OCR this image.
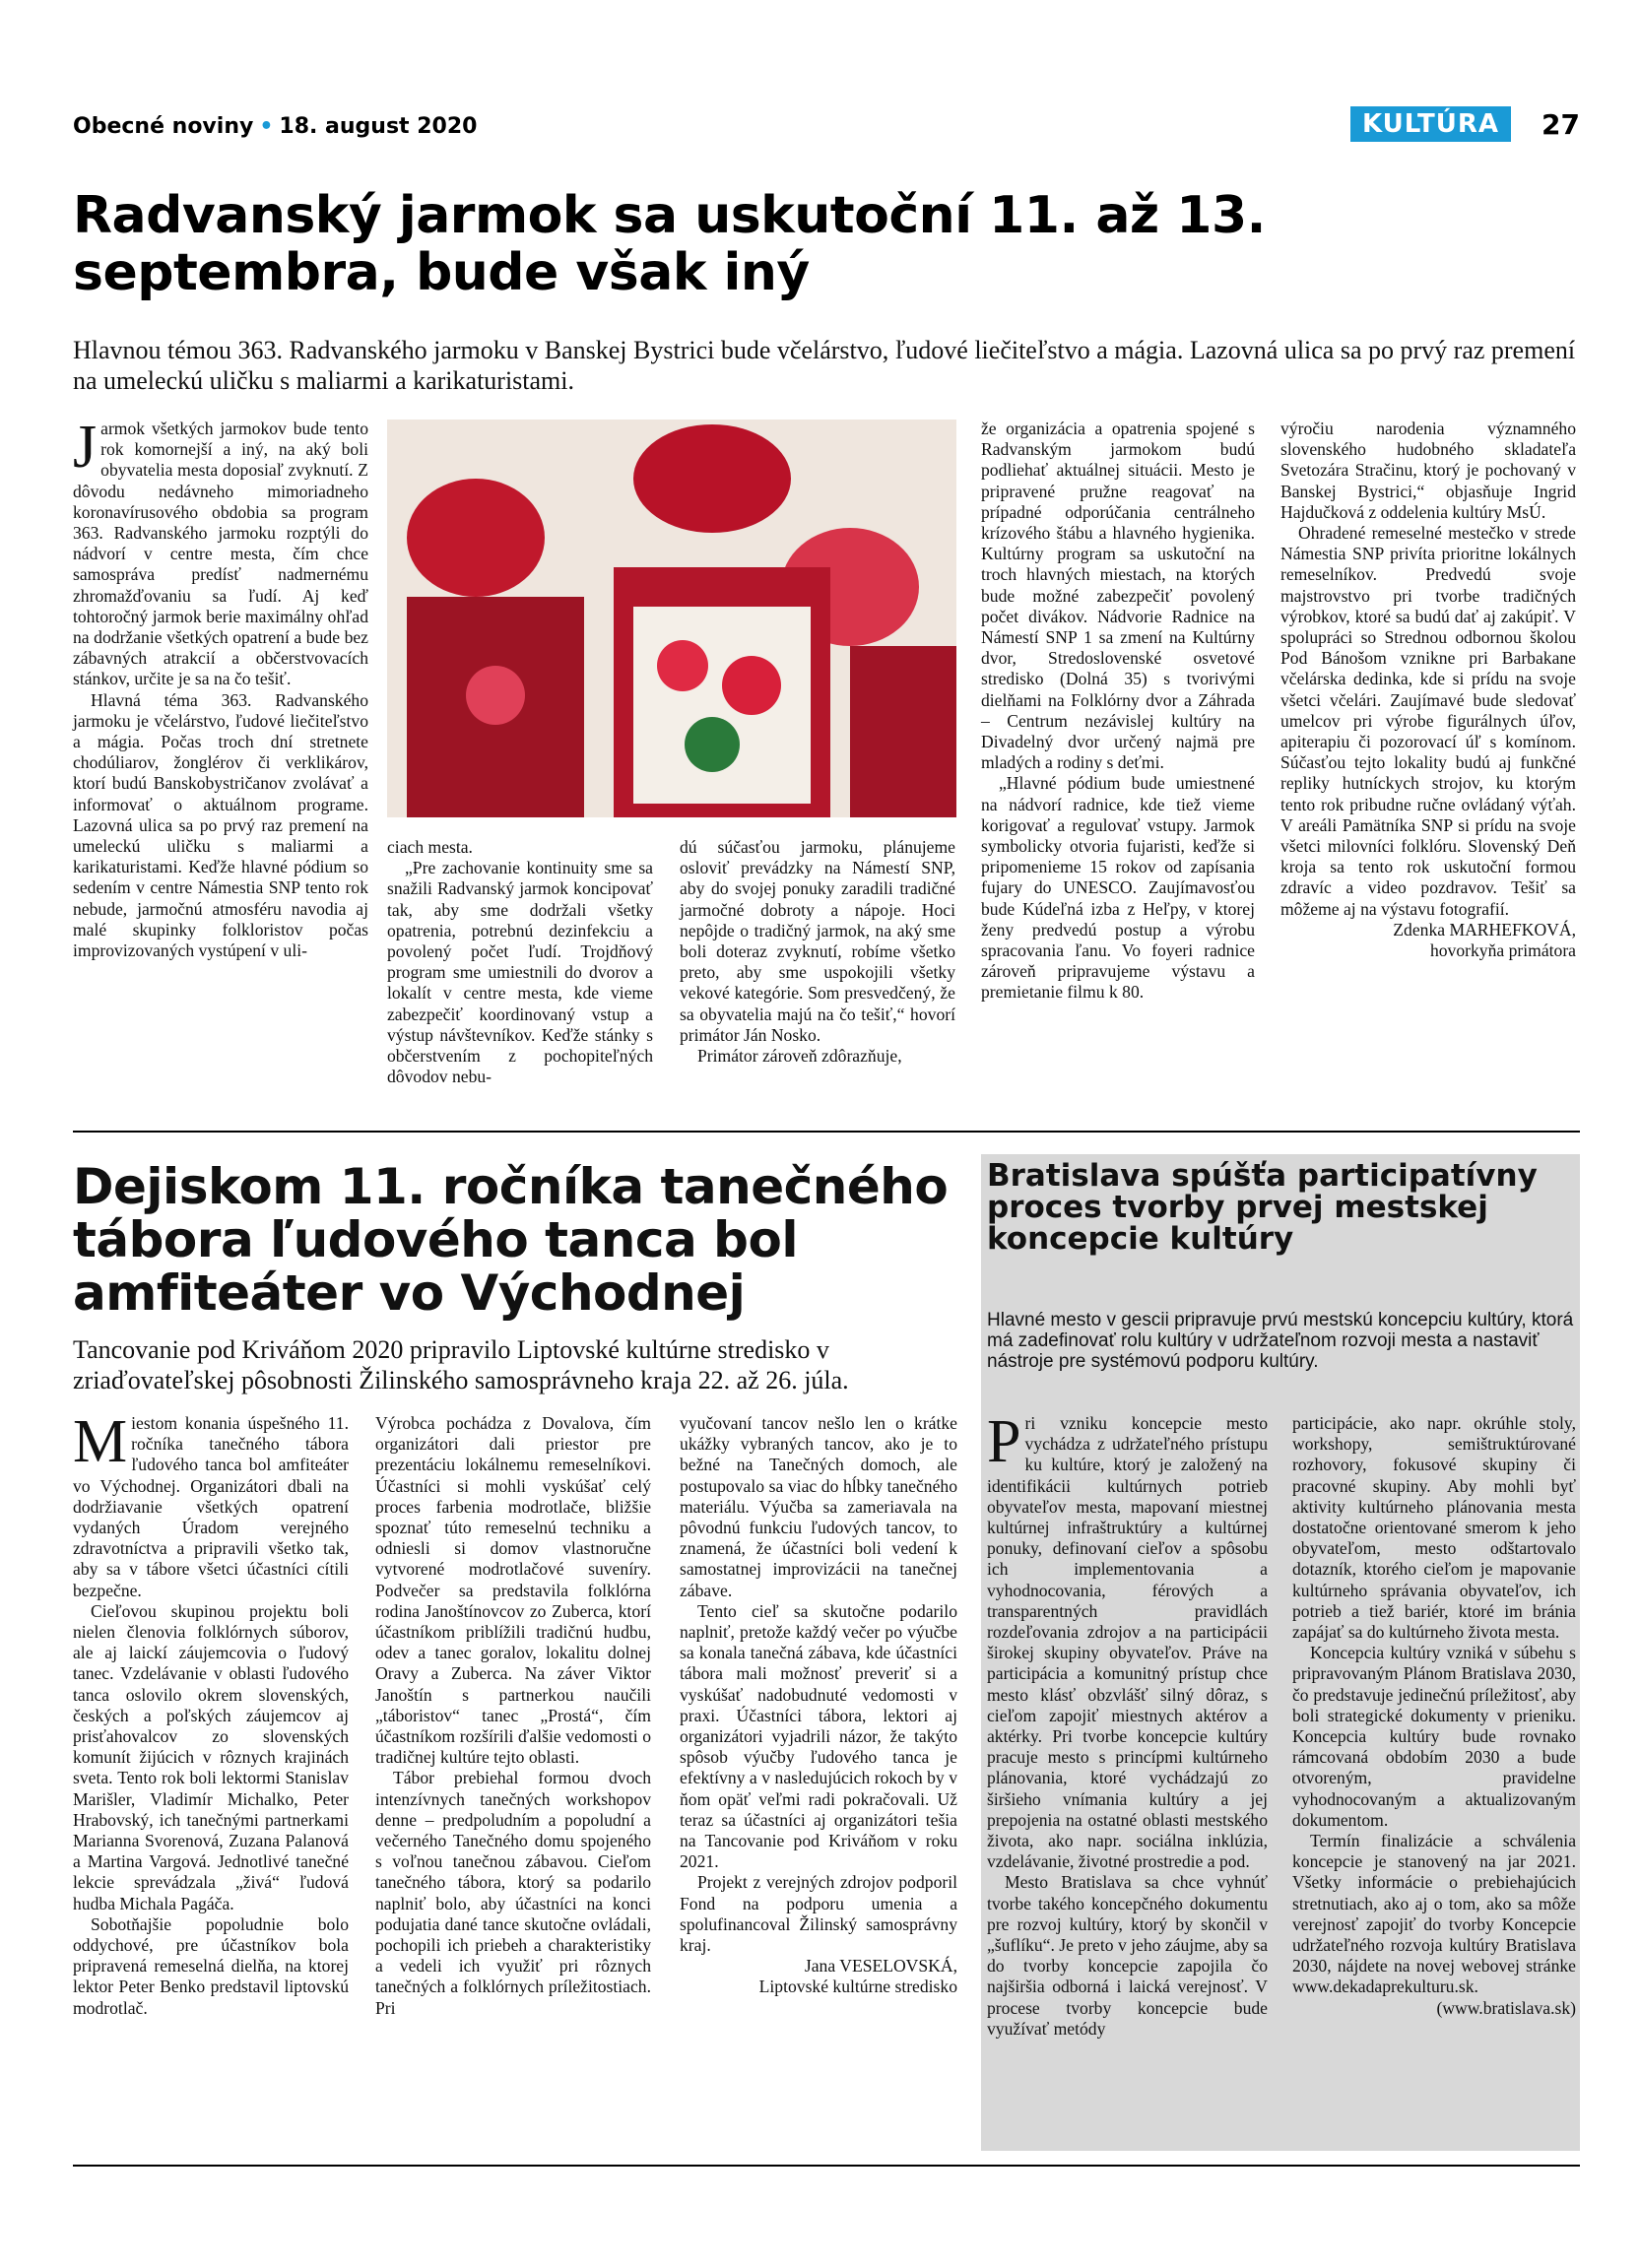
Obecné noviny • 18. august 2020	KULTÚRA	27
Radvanský jarmok sa uskutoční 11. až 13. septembra, bude však iný

Hlavnou témou 363. Radvanského jarmoku v Banskej Bystrici bude včelárstvo, ľudové liečiteľstvo a mágia. Lazovná ulica sa po prvý raz premení na umeleckú uličku s maliarmi a karikaturistami.

Jarmok všetkých jarmokov bude tento rok komornejší a iný, na aký boli obyvatelia mesta doposiaľ zvyknutí. Z dôvodu nedávneho mimoriadneho koronavírusového obdobia sa program 363. Radvanského jarmoku rozptýli do nádvorí v centre mesta, čím chce samospráva predísť nadmernému zhromažďovaniu sa ľudí. Aj keď tohtoročný jarmok berie maximálny ohľad na dodržanie všetkých opatrení a bude bez zábavných atrakcií a občerstvovacích stánkov, určite je sa na čo tešiť.

Hlavná téma 363. Radvanského jarmoku je včelárstvo, ľudové liečiteľstvo a mágia. Počas troch dní stretnete chodúliarov, žonglérov či verklikárov, ktorí budú Banskobystričanov zvolávať a informovať o aktuálnom programe. Lazovná ulica sa po prvý raz premení na umeleckú uličku s maliarmi a karikaturistami. Keďže hlavné pódium so sedením v centre Námestia SNP tento rok nebude, jarmočnú atmosféru navodia aj malé skupinky folkloristov počas improvizovaných vystúpení v uli-

ciach mesta.

„Pre zachovanie kontinuity sme sa snažili Radvanský jarmok koncipovať tak, aby sme dodržali všetky opatrenia, potrebnú dezinfekciu a povolený počet ľudí. Trojdňový program sme umiestnili do dvorov a lokalít v centre mesta, kde vieme zabezpečiť koordinovaný vstup a výstup návštevníkov. Keďže stánky s občerstvením z pochopiteľných dôvodov nebu-

dú súčasťou jarmoku, plánujeme osloviť prevádzky na Námestí SNP, aby do svojej ponuky zaradili tradičné jarmočné dobroty a nápoje. Hoci nepôjde o tradičný jarmok, na aký sme boli doteraz zvyknutí, robíme všetko preto, aby sme uspokojili všetky vekové kategórie. Som presvedčený, že sa obyvatelia majú na čo tešiť,“ hovorí primátor Ján Nosko.

Primátor zároveň zdôrazňuje,

že organizácia a opatrenia spojené s Radvanským jarmokom budú podliehať aktuálnej situácii. Mesto je pripravené pružne reagovať na prípadné odporúčania centrálneho krízového štábu a hlavného hygienika. Kultúrny program sa uskutoční na troch hlavných miestach, na ktorých bude možné zabezpečiť povolený počet divákov. Nádvorie Radnice na Námestí SNP 1 sa zmení na Kultúrny dvor, Stredoslovenské osvetové stredisko (Dolná 35) s tvorivými dielňami na Folklórny dvor a Záhrada – Centrum nezávislej kultúry na Divadelný dvor určený najmä pre mladých a rodiny s deťmi.

„Hlavné pódium bude umiestnené na nádvorí radnice, kde tiež vieme korigovať a regulovať vstupy. Jarmok symbolicky otvoria fujaristi, keďže si pripomenieme 15 rokov od zapísania fujary do UNESCO. Zaujímavosťou bude Kúdeľná izba z Heľpy, v ktorej ženy predvedú postup a výrobu spracovania ľanu. Vo foyeri radnice zároveň pripravujeme výstavu a premietanie filmu k 80.

výročiu narodenia významného slovenského hudobného skladateľa Svetozára Stračinu, ktorý je pochovaný v Banskej Bystrici,“ objasňuje Ingrid Hajdučková z oddelenia kultúry MsÚ.

Ohradené remeselné mestečko v strede Námestia SNP privíta prioritne lokálnych remeselníkov. Predvedú svoje majstrovstvo pri tvorbe tradičných výrobkov, ktoré sa budú dať aj zakúpiť. V spolupráci so Strednou odbornou školou Pod Bánošom vznikne pri Barbakane včelárska dedinka, kde si prídu na svoje všetci včelári. Zaujímavé bude sledovať umelcov pri výrobe figurálnych úľov, apiterapiu či pozorovací úľ s komínom. Súčasťou tejto lokality budú aj funkčné repliky hutníckych strojov, ku ktorým tento rok pribudne ručne ovládaný výťah. V areáli Pamätníka SNP si prídu na svoje všetci milovníci folklóru. Slovenský Deň kroja sa tento rok uskutoční formou zdravíc a video pozdravov. Tešiť sa môžeme aj na výstavu fotografií.

Zdenka MARHEFKOVÁ,

hovorkyňa primátora

Dejiskom 11. ročníka tanečného tábora ľudového tanca bol amfiteáter vo Východnej

Tancovanie pod Kriváňom 2020 pripravilo Liptovské kultúrne stredisko v zriaďovateľskej pôsobnosti Žilinského samosprávneho kraja 22. až 26. júla.

Miestom konania úspešného 11. ročníka tanečného tábora ľudového tanca bol amfiteáter vo Východnej. Organizátori dbali na dodržiavanie všetkých opatrení vydaných Úradom verejného zdravotníctva a pripravili všetko tak, aby sa v tábore všetci účastníci cítili bezpečne.

Cieľovou skupinou projektu boli nielen členovia folklórnych súborov, ale aj laickí záujemcovia o ľudový tanec. Vzdelávanie v oblasti ľudového tanca oslovilo okrem slovenských, českých a poľských záujemcov aj prisťahovalcov zo slovenských komunít žijúcich v rôznych krajinách sveta. Tento rok boli lektormi Stanislav Marišler, Vladimír Michalko, Peter Hrabovský, ich tanečnými partnerkami Marianna Svorenová, Zuzana Palanová a Martina Vargová. Jednotlivé tanečné lekcie sprevádzala „živá“ ľudová hudba Michala Pagáča.

Sobotňajšie popoludnie bolo oddychové, pre účastníkov bola pripravená remeselná dielňa, na ktorej lektor Peter Benko predstavil liptovskú modrotlač.

Výrobca pochádza z Dovalova, čím organizátori dali priestor pre prezentáciu lokálnemu remeselníkovi. Účastníci si mohli vyskúšať celý proces farbenia modrotlače, bližšie spoznať túto remeselnú techniku a odniesli si domov vlastnoručne vytvorené modrotlačové suveníry. Podvečer sa predstavila folklórna rodina Janoštínovcov zo Zuberca, ktorí účastníkom priblížili tradičnú hudbu, odev a tanec goralov, lokalitu dolnej Oravy a Zuberca. Na záver Viktor Janoštín s partnerkou naučili „táboristov“ tanec „Prostá“, čím účastníkom rozšírili ďalšie vedomosti o tradičnej kultúre tejto oblasti.

Tábor prebiehal formou dvoch intenzívnych tanečných workshopov denne – predpoludním a popoludní a večerného Tanečného domu spojeného s voľnou tanečnou zábavou. Cieľom tanečného tábora, ktorý sa podarilo naplniť bolo, aby účastníci na konci podujatia dané tance skutočne ovládali, pochopili ich priebeh a charakteristiky a vedeli ich využiť pri rôznych tanečných a folklórnych príležitostiach. Pri

vyučovaní tancov nešlo len o krátke ukážky vybraných tancov, ako je to bežné na Tanečných domoch, ale postupovalo sa viac do hĺbky tanečného materiálu. Výučba sa zameriavala na pôvodnú funkciu ľudových tancov, to znamená, že účastníci boli vedení k samostatnej improvizácii na tanečnej zábave.

Tento cieľ sa skutočne podarilo naplniť, pretože každý večer po výučbe sa konala tanečná zábava, kde účastníci tábora mali možnosť preveriť si a vyskúšať nadobudnuté vedomosti v praxi. Účastníci tábora, lektori aj organizátori vyjadrili názor, že takýto spôsob výučby ľudového tanca je efektívny a v nasledujúcich rokoch by v ňom opäť veľmi radi pokračovali. Už teraz sa účastníci aj organizátori tešia na Tancovanie pod Kriváňom v roku 2021.

Projekt z verejných zdrojov podporil Fond na podporu umenia a spolufinancoval Žilinský samosprávny kraj.

Jana VESELOVSKÁ,

Liptovské kultúrne stredisko

Bratislava spúšťa participatívny proces tvorby prvej mestskej koncepcie kultúry

Hlavné mesto v gescii pripravuje prvú mestskú koncepciu kultúry, ktorá má zadefinovať rolu kultúry v udržateľnom rozvoji mesta a nastaviť nástroje pre systémovú podporu kultúry.

Pri vzniku koncepcie mesto vychádza z udržateľného prístupu ku kultúre, ktorý je založený na identifikácii kultúrnych potrieb obyvateľov mesta, mapovaní miestnej kultúrnej infraštruktúry a kultúrnej ponuky, definovaní cieľov a spôsobu ich implementovania a vyhodnocovania, férových a transparentných pravidlách rozdeľovania zdrojov a na participácii širokej skupiny obyvateľov. Práve na participácia a komunitný prístup chce mesto klásť obzvlášť silný dôraz, s cieľom zapojiť miestnych aktérov a aktérky. Pri tvorbe koncepcie kultúry pracuje mesto s princípmi kultúrneho plánovania, ktoré vychádzajú zo širšieho vnímania kultúry a jej prepojenia na ostatné oblasti mestského života, ako napr. sociálna inklúzia, vzdelávanie, životné prostredie a pod.

Mesto Bratislava sa chce vyhnúť tvorbe takého koncepčného dokumentu pre rozvoj kultúry, ktorý by skončil v „šuflíku“. Je preto v jeho záujme, aby sa do tvorby koncepcie zapojila čo najširšia odborná i laická verejnosť. V procese tvorby koncepcie bude využívať metódy

participácie, ako napr. okrúhle stoly, workshopy, semištruktúrované rozhovory, fokusové skupiny či pracovné skupiny. Aby mohli byť aktivity kultúrneho plánovania mesta dostatočne orientované smerom k jeho obyvateľom, mesto odštartovalo dotazník, ktorého cieľom je mapovanie kultúrneho správania obyvateľov, ich potrieb a tiež bariér, ktoré im bránia zapájať sa do kultúrneho života mesta.

Koncepcia kultúry vzniká v súbehu s pripravovaným Plánom Bratislava 2030, čo predstavuje jedinečnú príležitosť, aby boli strategické dokumenty v prieniku. Koncepcia kultúry bude rovnako rámcovaná obdobím 2030 a bude otvoreným, pravidelne vyhodnocovaným a aktualizovaným dokumentom.

Termín finalizácie a schválenia koncepcie je stanovený na jar 2021. Všetky informácie o prebiehajúcich stretnutiach, ako aj o tom, ako sa môže verejnosť zapojiť do tvorby Koncepcie udržateľného rozvoja kultúry Bratislava 2030, nájdete na novej webovej stránke www.dekadaprekulturu.sk.

(www.bratislava.sk)
